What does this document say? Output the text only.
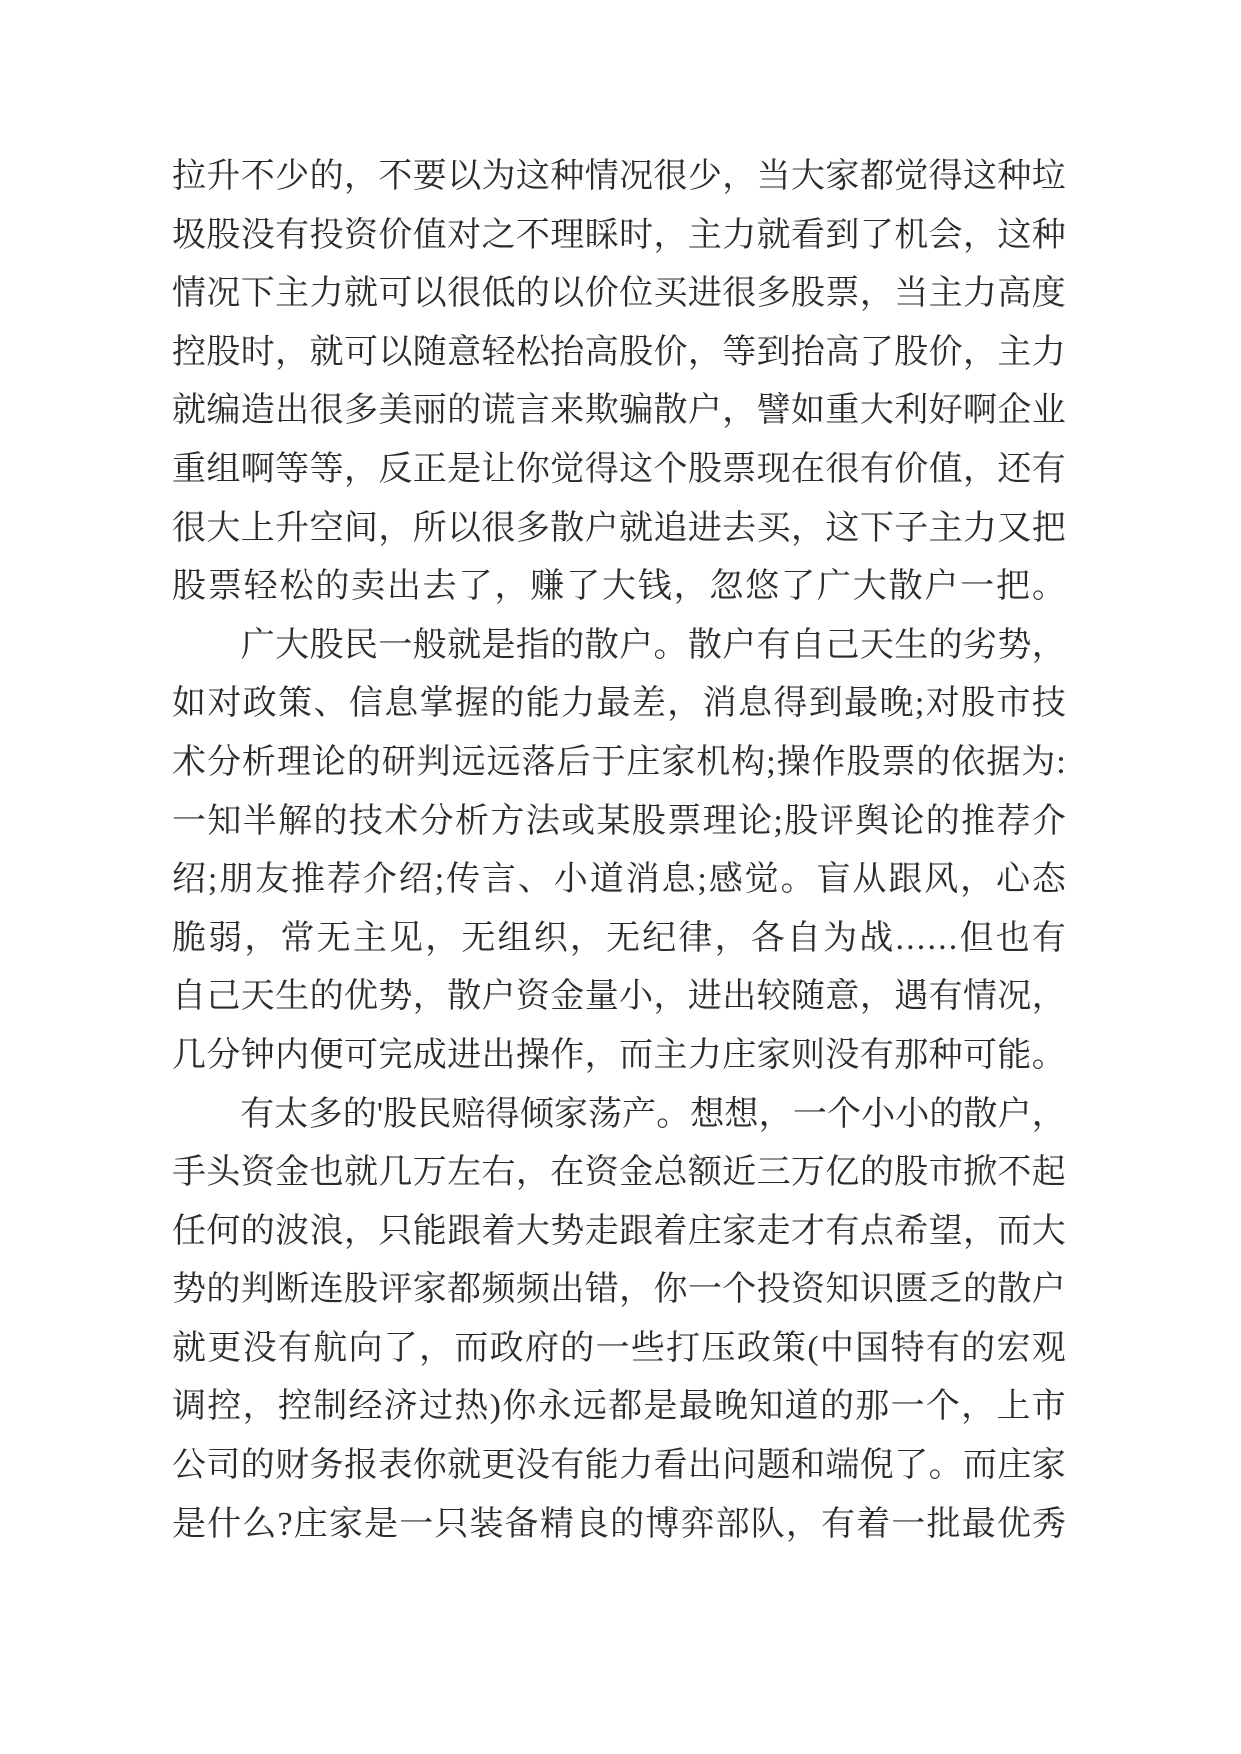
拉 升 不 少 的 ， 不 要 以 为 这 种 情 况 很 少 ， 当 大 家 都 觉 得 这 种 垃
圾 股 没 有 投 资 价 值 对 之 不 理 睬 时 ， 主 力 就 看 到 了 机 会 ， 这 种
情 况 下 主 力 就 可 以 很 低 的 以 价 位 买 进 很 多 股 票 ， 当 主 力 高 度
控 股 时 ， 就 可 以 随 意 轻 松 抬 高 股 价 ， 等 到 抬 高 了 股 价 ， 主 力
就 编 造 出 很 多 美 丽 的 谎 言 来 欺 骗 散 户 ， 譬 如 重 大 利 好 啊 企 业
重 组 啊 等 等 ， 反 正 是 让 你 觉 得 这 个 股 票 现 在 很 有 价 值 ， 还 有
很 大 上 升 空 间 ， 所 以 很 多 散 户 就 追 进 去 买 ， 这 下 子 主 力 又 把
股 票 轻 松 的 卖 出 去 了 ， 赚 了 大 钱 ， 忽 悠 了 广 大 散 户 一 把 。

广 大 股 民 一 般 就 是 指 的 散 户 。 散 户 有 自 己 天 生 的 劣 势 ，
如 对 政 策 、 信 息 掌 握 的 能 力 最 差 ， 消 息 得 到 最 晚 ; 对 股 市 技
术 分 析 理 论 的 研 判 远 远 落 后 于 庄 家 机 构 ; 操 作 股 票 的 依 据 为 :
一 知 半 解 的 技 术 分 析 方 法 或 某 股 票 理 论 ; 股 评 舆 论 的 推 荐 介
绍 ; 朋 友 推 荐 介 绍 ; 传 言 、 小 道 消 息 ; 感 觉 。 盲 从 跟 风 ， 心 态
脆 弱 ， 常 无 主 见 ， 无 组 织 ， 无 纪 律 ， 各 自 为 战 . . . . . . 但 也 有
自 己 天 生 的 优 势 ， 散 户 资 金 量 小 ， 进 出 较 随 意 ， 遇 有 情 况 ，
几 分 钟 内 便 可 完 成 进 出 操 作 ， 而 主 力 庄 家 则 没 有 那 种 可 能 。

有 太 多 的 ' 股 民 赔 得 倾 家 荡 产 。 想 想 ， 一 个 小 小 的 散 户 ，
手 头 资 金 也 就 几 万 左 右 ， 在 资 金 总 额 近 三 万 亿 的 股 市 掀 不 起
任 何 的 波 浪 ， 只 能 跟 着 大 势 走 跟 着 庄 家 走 才 有 点 希 望 ， 而 大
势 的 判 断 连 股 评 家 都 频 频 出 错 ， 你 一 个 投 资 知 识 匮 乏 的 散 户
就 更 没 有 航 向 了 ， 而 政 府 的 一 些 打 压 政 策 ( 中 国 特 有 的 宏 观
调 控 ， 控 制 经 济 过 热 ) 你 永 远 都 是 最 晚 知 道 的 那 一 个 ， 上 市
公 司 的 财 务 报 表 你 就 更 没 有 能 力 看 出 问 题 和 端 倪 了 。 而 庄 家
是 什 么 ? 庄 家 是 一 只 装 备 精 良 的 博 弈 部 队 ， 有 着 一 批 最 优 秀
